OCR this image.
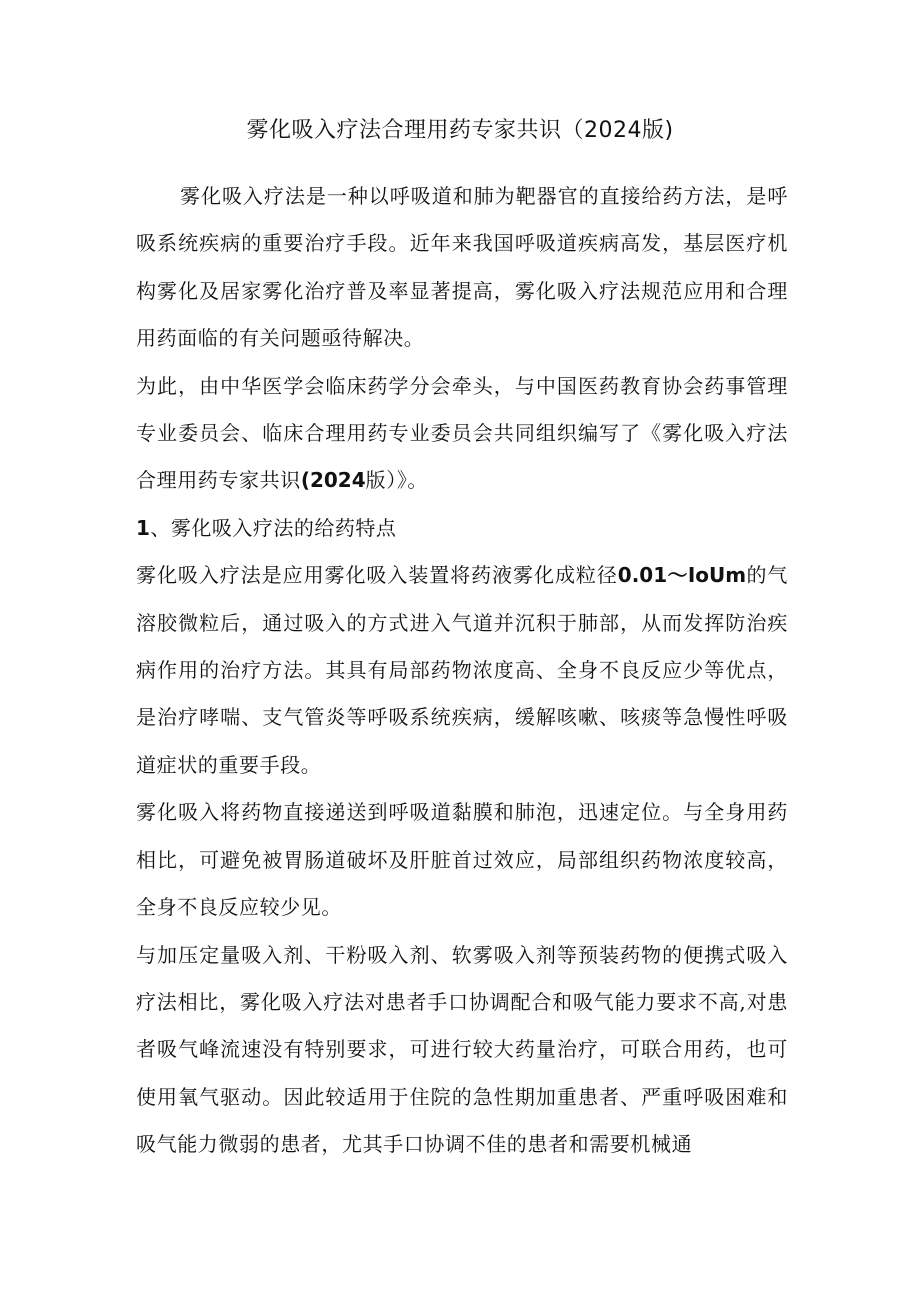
雾化吸入疗法合理用药专家共识（2024版)

雾化吸入疗法是一种以呼吸道和肺为靶器官的直接给药方法，是呼吸系统疾病的重要治疗手段。近年来我国呼吸道疾病高发，基层医疗机构雾化及居家雾化治疗普及率显著提高，雾化吸入疗法规范应用和合理用药面临的有关问题亟待解决。

为此，由中华医学会临床药学分会牵头，与中国医药教育协会药事管理专业委员会、临床合理用药专业委员会共同组织编写了《雾化吸入疗法合理用药专家共识(2024版）》。

1、雾化吸入疗法的给药特点

雾化吸入疗法是应用雾化吸入装置将药液雾化成粒径0.01〜IoUm的气溶胶微粒后，通过吸入的方式进入气道并沉积于肺部，从而发挥防治疾病作用的治疗方法。其具有局部药物浓度高、全身不良反应少等优点，是治疗哮喘、支气管炎等呼吸系统疾病，缓解咳嗽、咳痰等急慢性呼吸道症状的重要手段。

雾化吸入将药物直接递送到呼吸道黏膜和肺泡，迅速定位。与全身用药相比，可避免被胃肠道破坏及肝脏首过效应，局部组织药物浓度较高，全身不良反应较少见。

与加压定量吸入剂、干粉吸入剂、软雾吸入剂等预装药物的便携式吸入疗法相比，雾化吸入疗法对患者手口协调配合和吸气能力要求不高,对患者吸气峰流速没有特别要求，可进行较大药量治疗，可联合用药，也可使用氧气驱动。因此较适用于住院的急性期加重患者、严重呼吸困难和吸气能力微弱的患者，尤其手口协调不佳的患者和需要机械通
